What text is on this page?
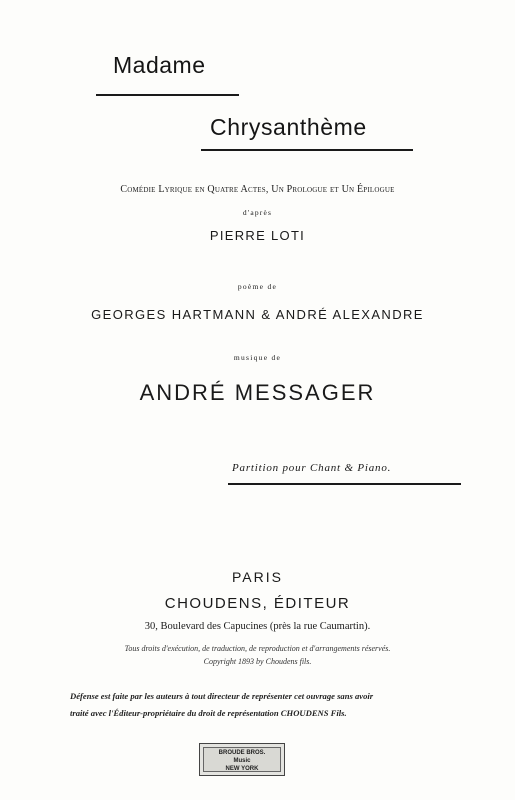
Madame
Chrysanthème
Comédie Lyrique en Quatre Actes, Un Prologue et Un Épilogue
d'après
PIERRE LOTI
poème de
GEORGES HARTMANN & ANDRÉ ALEXANDRE
musique de
ANDRÉ MESSAGER
Partition pour Chant & Piano.
PARIS
CHOUDENS, ÉDITEUR
30, Boulevard des Capucines (près la rue Caumartin).
Tous droits d'exécution, de traduction, de reproduction et d'arrangements réservés.
Copyright 1893 by Choudens fils.
Défense est faite par les auteurs à tout directeur de représenter cet ouvrage sans avoir
traité avec l'Éditeur-propriétaire du droit de représentation CHOUDENS Fils.
BROUDE BROS.
Music
NEW YORK
